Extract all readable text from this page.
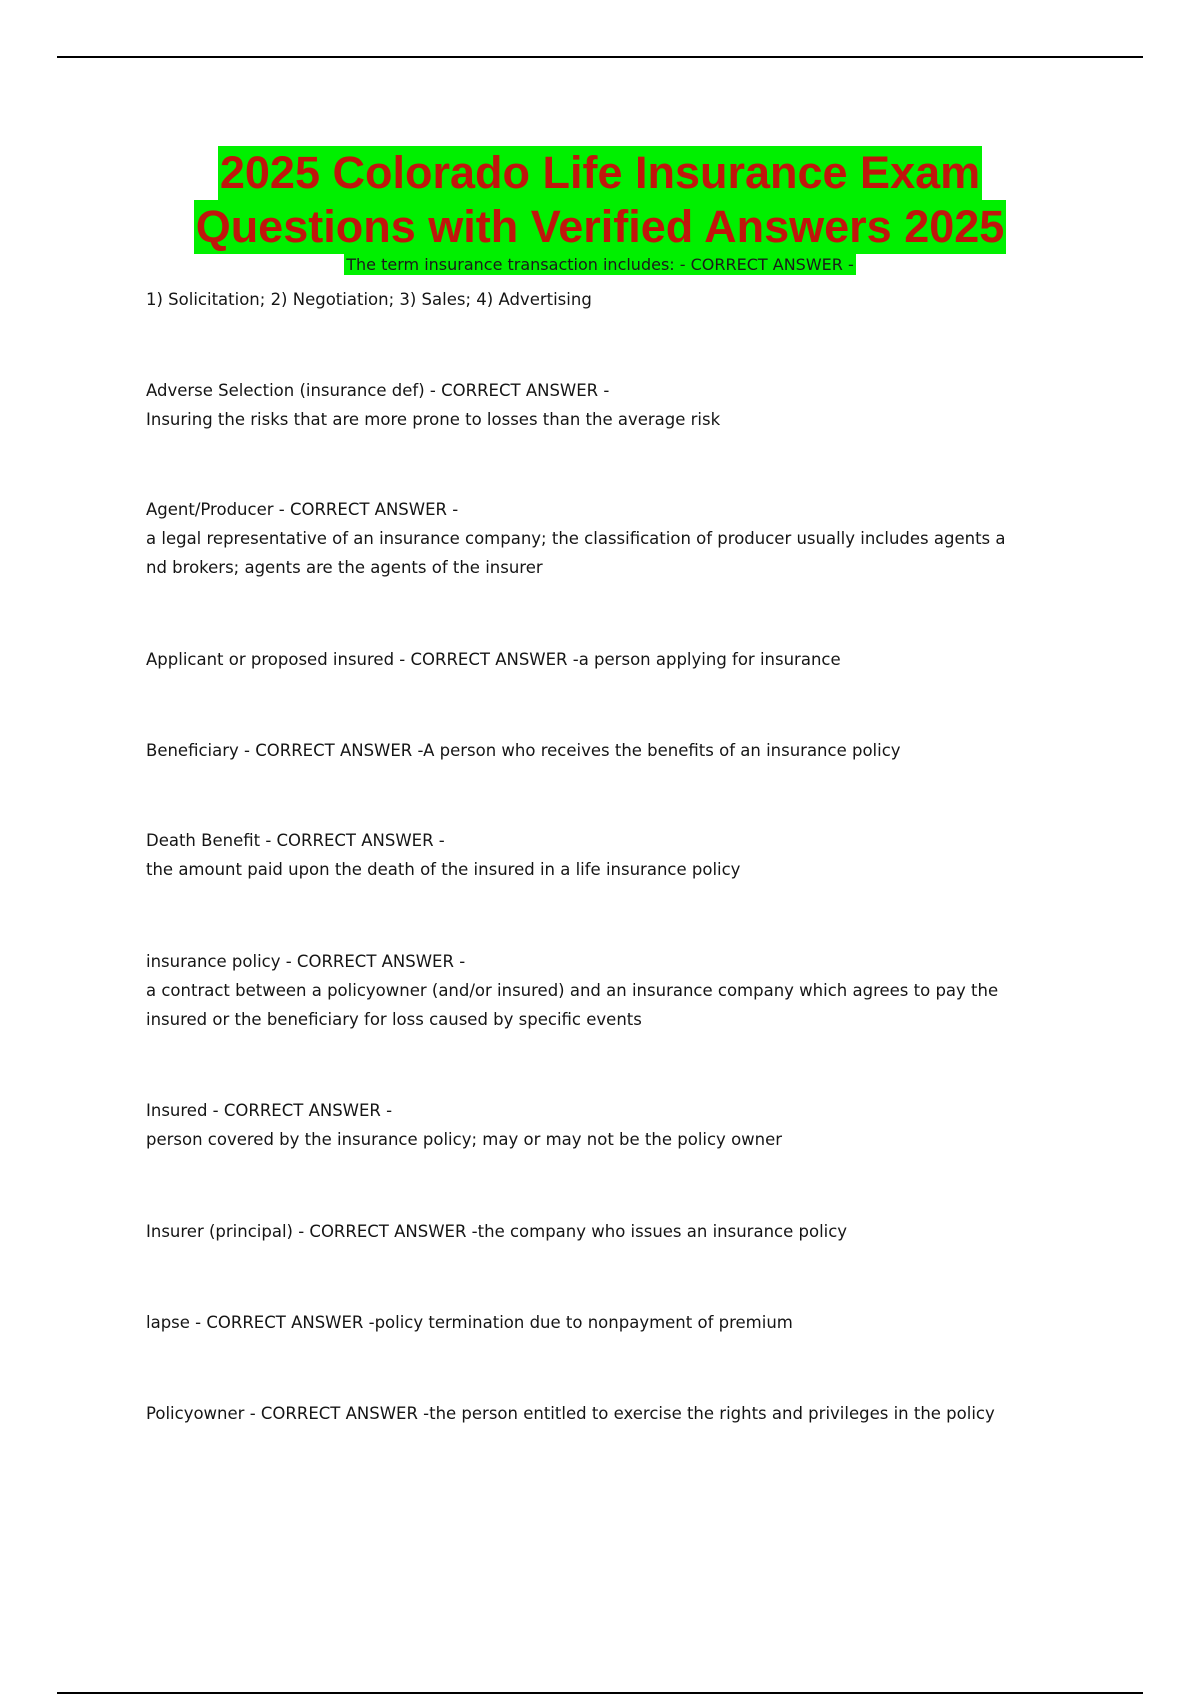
2025 Colorado Life Insurance Exam
Questions with Verified Answers 2025
The term insurance transaction includes: - CORRECT ANSWER -

1) Solicitation; 2) Negotiation; 3) Sales; 4) Advertising

Adverse Selection (insurance def) - CORRECT ANSWER -

Insuring the risks that are more prone to losses than the average risk

Agent/Producer - CORRECT ANSWER -

a legal representative of an insurance company; the classification of producer usually includes agents a

nd brokers; agents are the agents of the insurer

Applicant or proposed insured - CORRECT ANSWER -a person applying for insurance

Beneficiary - CORRECT ANSWER -A person who receives the benefits of an insurance policy

Death Benefit - CORRECT ANSWER -

the amount paid upon the death of the insured in a life insurance policy

insurance policy - CORRECT ANSWER -

a contract between a policyowner (and/or insured) and an insurance company which agrees to pay the

insured or the beneficiary for loss caused by specific events

Insured - CORRECT ANSWER -

person covered by the insurance policy; may or may not be the policy owner

Insurer (principal) - CORRECT ANSWER -the company who issues an insurance policy

lapse - CORRECT ANSWER -policy termination due to nonpayment of premium

Policyowner - CORRECT ANSWER -the person entitled to exercise the rights and privileges in the policy
